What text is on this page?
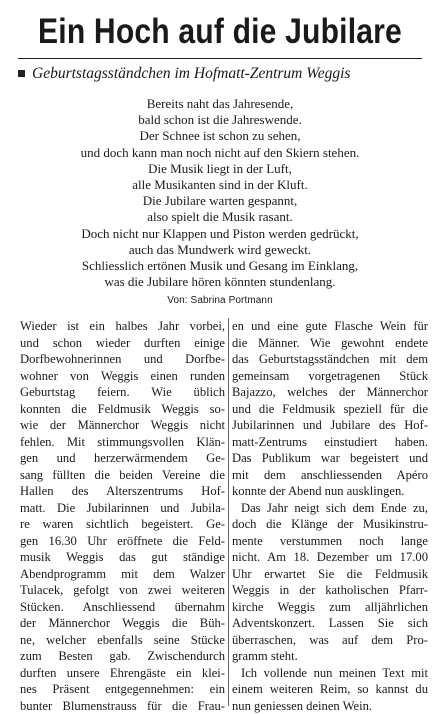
Ein Hoch auf die Jubilare
Geburtstagsständchen im Hofmatt-Zentrum Weggis
Bereits naht das Jahresende,
bald schon ist die Jahreswende.
Der Schnee ist schon zu sehen,
und doch kann man noch nicht auf den Skiern stehen.
Die Musik liegt in der Luft,
alle Musikanten sind in der Kluft.
Die Jubilare warten gespannt,
also spielt die Musik rasant.
Doch nicht nur Klappen und Piston werden gedrückt,
auch das Mundwerk wird geweckt.
Schliesslich ertönen Musik und Gesang im Einklang,
was die Jubilare hören könnten stundenlang.
Von: Sabrina Portmann
Wieder ist ein halbes Jahr vorbei,
und schon wieder durften einige
Dorfbewohnerinnen und Dorfbe-
wohner von Weggis einen runden
Geburtstag feiern. Wie üblich
konnten die Feldmusik Weggis so-
wie der Männerchor Weggis nicht
fehlen. Mit stimmungsvollen Klän-
gen und herzerwärmendem Ge-
sang füllten die beiden Vereine die
Hallen des Alterszentrums Hof-
matt. Die Jubilarinnen und Jubila-
re waren sichtlich begeistert. Ge-
gen 16.30 Uhr eröffnete die Feld-
musik Weggis das gut ständige
Abendprogramm mit dem Walzer
Tulacek, gefolgt von zwei weiteren
Stücken. Anschliessend übernahm
der Männerchor Weggis die Büh-
ne, welcher ebenfalls seine Stücke
zum Besten gab. Zwischendurch
durften unsere Ehrengäste ein klei-
nes Präsent entgegennehmen: ein
bunter Blumenstrauss für die Frau-
en und eine gute Flasche Wein für
die Männer. Wie gewohnt endete
das Geburtstagsständchen mit dem
gemeinsam vorgetragenen Stück
Bajazzo, welches der Männerchor
und die Feldmusik speziell für die
Jubilarinnen und Jubilare des Hof-
matt-Zentrums einstudiert haben.
Das Publikum war begeistert und
mit dem anschliessenden Apéro
konnte der Abend nun ausklingen.
Das Jahr neigt sich dem Ende zu,
doch die Klänge der Musikinstru-
mente verstummen noch lange
nicht. Am 18. Dezember um 17.00
Uhr erwartet Sie die Feldmusik
Weggis in der katholischen Pfarr-
kirche Weggis zum alljährlichen
Adventskonzert. Lassen Sie sich
überraschen, was auf dem Pro-
gramm steht.
Ich vollende nun meinen Text mit
einem weiteren Reim, so kannst du
nun geniessen deinen Wein.
